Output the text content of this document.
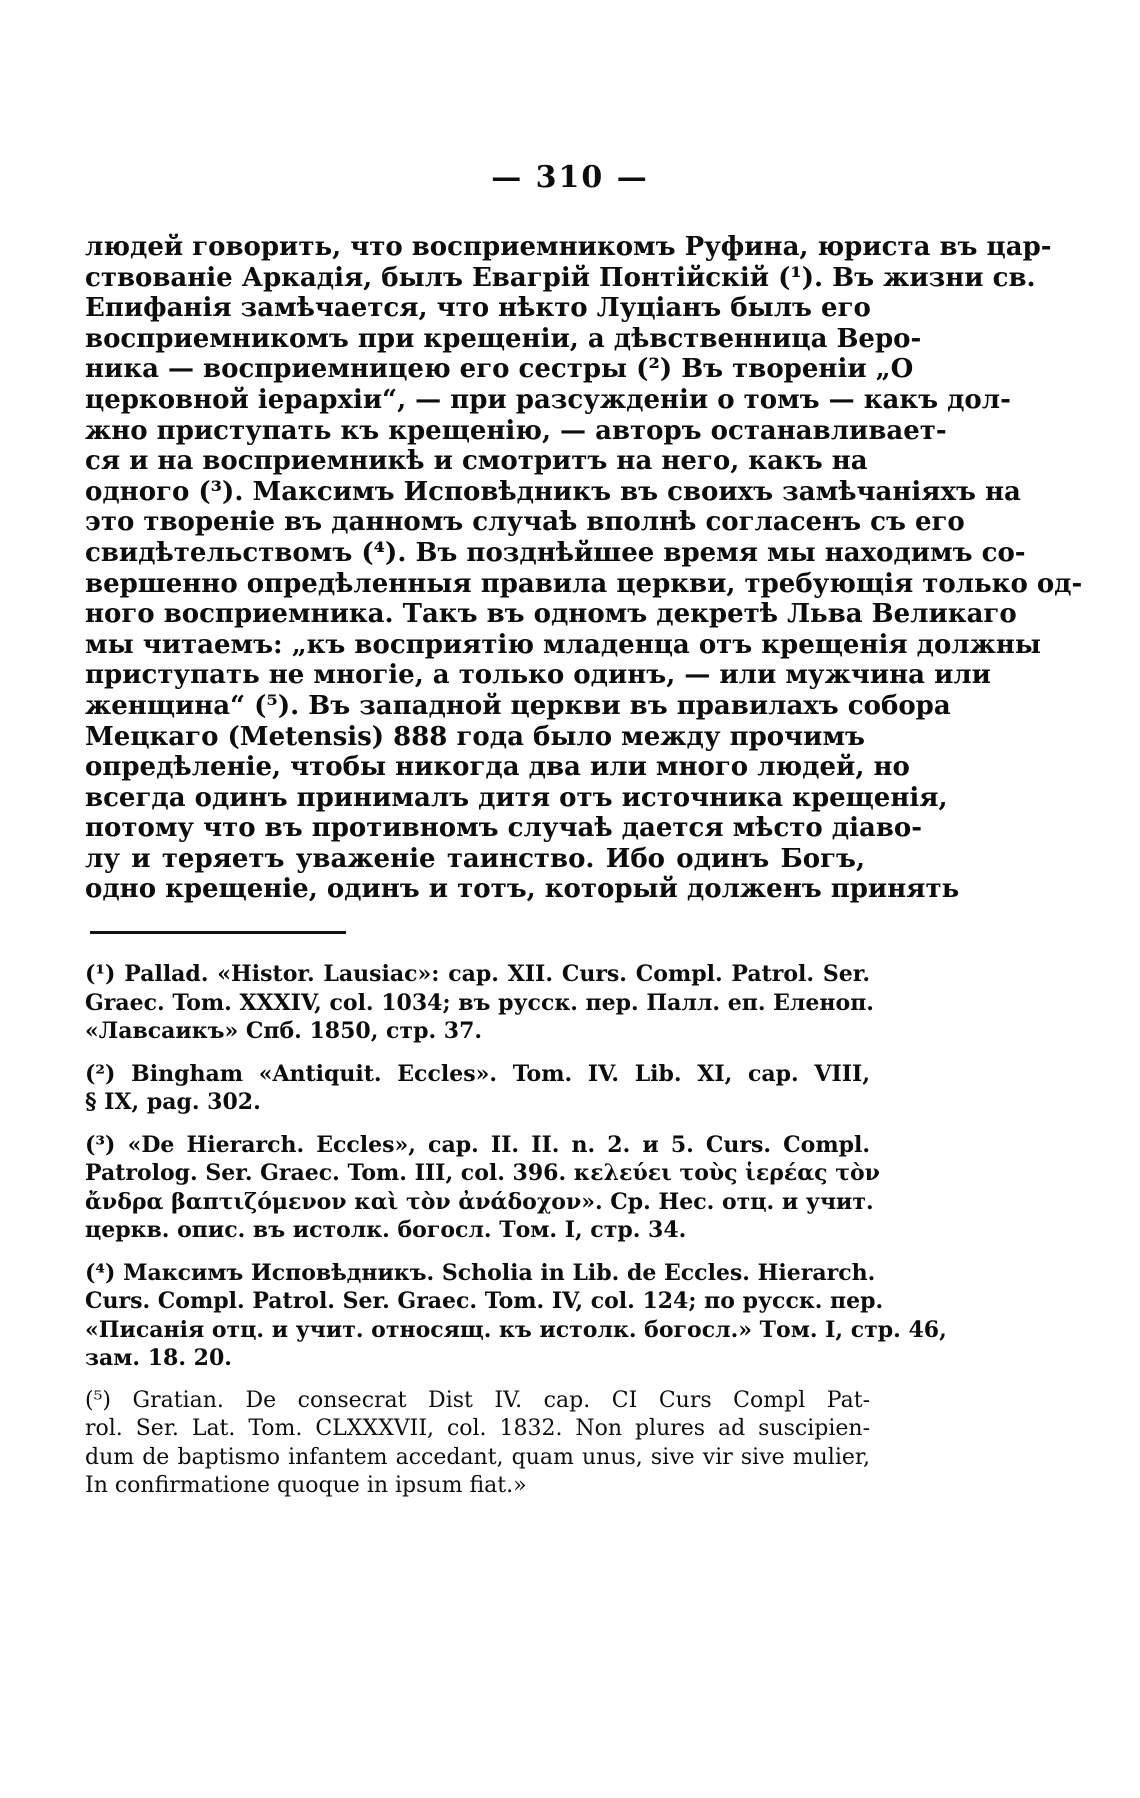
— 310 —
людей говорить, что восприемникомъ Руфина, юриста въ цар-
ствованіе Аркадія, былъ Евагрій Понтійскій (¹). Въ жизни св.
Епифанія замѣчается, что нѣкто Луціанъ былъ его
восприемникомъ при крещеніи, а дѣвственница Веро-
ника — восприемницею его сестры (²) Въ твореніи „О
церковной іерархіи“, — при разсужденіи о томъ — какъ дол-
жно приступать къ крещенію, — авторъ останавливает-
ся и на восприемникѣ и смотритъ на него, какъ на
одного (³). Максимъ Исповѣдникъ въ своихъ замѣчаніяхъ на
это твореніе въ данномъ случаѣ вполнѣ согласенъ съ его
свидѣтельствомъ (⁴). Въ позднѣйшее время мы находимъ со-
вершенно опредѣленныя правила церкви, требующія только од-
ного восприемника. Такъ въ одномъ декретѣ Льва Великаго
мы читаемъ: „къ восприятію младенца отъ крещенія должны
приступать не многіе, а только одинъ, — или мужчина или
женщина“ (⁵). Въ западной церкви въ правилахъ собора
Мецкаго (Metensis) 888 года было между прочимъ
опредѣленіе, чтобы никогда два или много людей, но
всегда одинъ принималъ дитя отъ источника крещенія,
потому что въ противномъ случаѣ дается мѣсто діаво-
лу и теряетъ уваженіе таинство. Ибо одинъ Богъ,
одно крещеніе, одинъ и тотъ, который долженъ принять
(¹) Pallad. «Histor. Lausiac»: cap. XII. Curs. Compl. Patrol. Ser.
Graec. Tom. XXXIV, col. 1034; въ русск. пер. Палл. еп. Еленоп.
«Лавсаикъ» Спб. 1850, стр. 37.
(²) Bingham «Antiquit. Eccles». Tom. IV. Lib. XI, cap. VIII,
§ IX, pag. 302.
(³) «De Hierarch. Eccles», cap. II. II. n. 2. и 5. Curs. Compl.
Patrolog. Ser. Graec. Tom. III, col. 396. κελεύει τοὺς ἱερέας τὸν
ἄνδρα βαπτιζόμενον καὶ τὸν ἀνάδοχον». Ср. Нес. отц. и учит.
церкв. опис. въ истолк. богосл. Том. I, стр. 34.
(⁴) Максимъ Исповѣдникъ. Scholia in Lib. de Eccles. Hierarch.
Curs. Compl. Patrol. Ser. Graec. Tom. IV, col. 124; по русск. пер.
«Писанія отц. и учит. относящ. къ истолк. богосл.» Том. I, стр. 46,
зам. 18. 20.
(⁵) Gratian. De consecrat Dist IV. cap. CI Curs Compl Pat-
rol. Ser. Lat. Tom. CLXXXVII, col. 1832. Non plures ad suscipien-
dum de baptismo infantem accedant, quam unus, sive vir sive mulier,
In confirmatione quoque in ipsum fiat.»
